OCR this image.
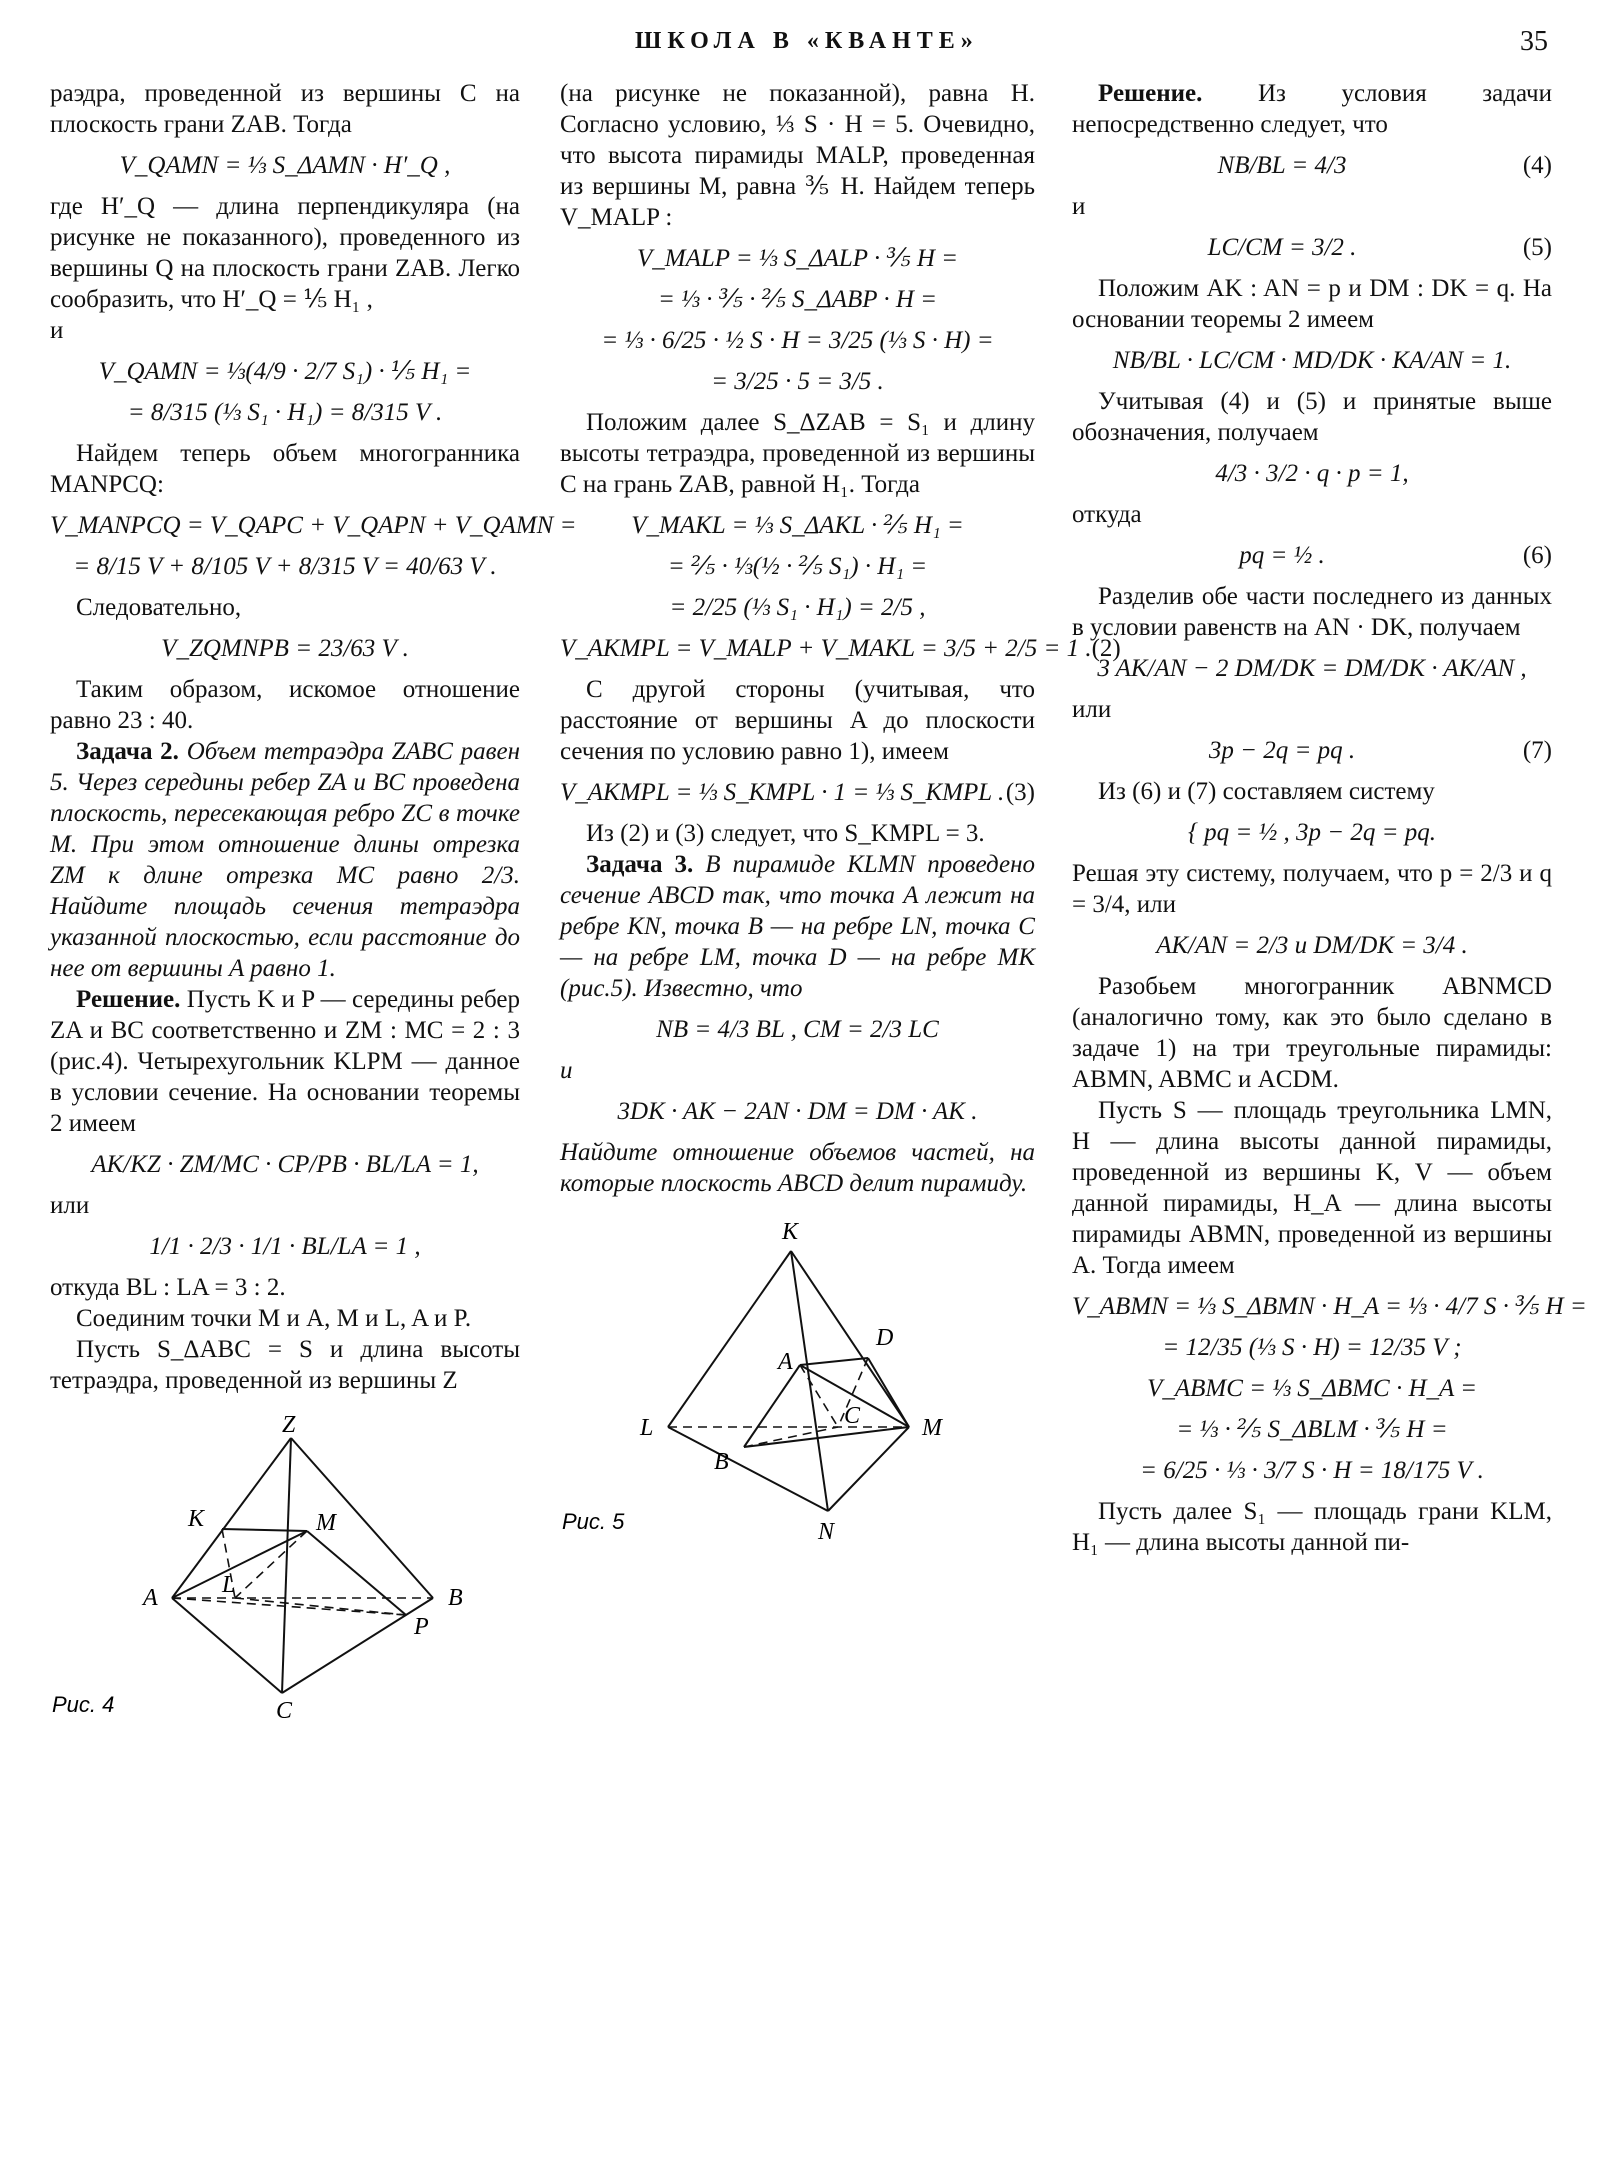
ШКОЛА В «КВАНТЕ»	35

раэдра, проведенной из вершины C на плоскость грани ZAB. Тогда

V_QAMN = ⅓ S_ΔAMN · H′_Q ,

где H′_Q — длина перпендикуляра (на рисунке не показанного), проведенного из вершины Q на плоскость грани ZAB. Легко сообразить, что H′_Q = ⅕ H₁ ,

и

V_QAMN = ⅓(4/9 · 2/7 S₁) · ⅕ H₁ =
= 8/315 (⅓ S₁ · H₁) = 8/315 V .

Найдем теперь объем многогранника MANPCQ:

V_MANPCQ = V_QAPC + V_QAPN + V_QAMN =
= 8/15 V + 8/105 V + 8/315 V = 40/63 V .

Следовательно,

V_ZQMNPB = 23/63 V .

Таким образом, искомое отношение равно 23 : 40.

Задача 2. Объем тетраэдра ZABC равен 5. Через середины ребер ZA и BC проведена плоскость, пересекающая ребро ZC в точке M. При этом отношение длины отрезка ZM к длине отрезка MC равно 2/3. Найдите площадь сечения тетраэдра указанной плоскостью, если расстояние до нее от вершины A равно 1.

Решение. Пусть K и P — середины ребер ZA и BC соответственно и ZM : MC = 2 : 3 (рис.4). Четырехугольник KLPM — данное в условии сечение. На основании теоремы 2 имеем

AK/KZ · ZM/MC · CP/PB · BL/LA = 1,

или

1/1 · 2/3 · 1/1 · BL/LA = 1 ,

откуда BL : LA = 3 : 2.

Соединим точки M и A, M и L, A и P.

Пусть S_ΔABC = S и длина высоты тетраэдра, проведенной из вершины Z

Z
K	M
A	L	B
P
C
Рис. 4

(на рисунке не показанной), равна H. Согласно условию, ⅓ S · H = 5. Очевидно, что высота пирамиды MALP, проведенная из вершины M, равна ⅗ H. Найдем теперь V_MALP :

V_MALP = ⅓ S_ΔALP · ⅗ H =
= ⅓ · ⅗ · ⅖ S_ΔABP · H =
= ⅓ · 6/25 · ½ S · H = 3/25 (⅓ S · H) =
= 3/25 · 5 = 3/5 .

Положим далее S_ΔZAB = S₁ и длину высоты тетраэдра, проведенной из вершины C на грань ZAB, равной H₁. Тогда

V_MAKL = ⅓ S_ΔAKL · ⅖ H₁ =
= ⅖ · ⅓(½ · ⅖ S₁) · H₁ =
= 2/25 (⅓ S₁ · H₁) = 2/5 ,
V_AKMPL = V_MALP + V_MAKL = 3/5 + 2/5 = 1 . (2)

С другой стороны (учитывая, что расстояние от вершины A до плоскости сечения по условию равно 1), имеем

V_AKMPL = ⅓ S_KMPL · 1 = ⅓ S_KMPL . (3)

Из (2) и (3) следует, что S_KMPL = 3.

Задача 3. В пирамиде KLMN проведено сечение ABCD так, что точка A лежит на ребре KN, точка B — на ребре LN, точка C — на ребре LM, точка D — на ребре MK (рис.5). Известно, что

NB = 4/3 BL , CM = 2/3 LC

и

3DK · AK − 2AN · DM = DM · AK .

Найдите отношение объемов частей, на которые плоскость ABCD делит пирамиду.

K
D
A
L	C	M
B
N
Рис. 5

Решение. Из условия задачи непосредственно следует, что

NB/BL = 4/3	(4)

и

LC/CM = 3/2 .	(5)

Положим AK : AN = p и DM : DK = q. На основании теоремы 2 имеем

NB/BL · LC/CM · MD/DK · KA/AN = 1.

Учитывая (4) и (5) и принятые выше обозначения, получаем

4/3 · 3/2 · q · p = 1,

откуда

pq = ½ .	(6)

Разделив обе части последнего из данных в условии равенств на AN · DK, получаем

3 AK/AN − 2 DM/DK = DM/DK · AK/AN ,

или

3p − 2q = pq .	(7)

Из (6) и (7) составляем систему

{ pq = ½ , 3p − 2q = pq.

Решая эту систему, получаем, что p = 2/3 и q = 3/4, или

AK/AN = 2/3 и DM/DK = 3/4 .

Разобьем многогранник ABNMCD (аналогично тому, как это было сделано в задаче 1) на три треугольные пирамиды: ABMN, ABMC и ACDM.

Пусть S — площадь треугольника LMN, H — длина высоты данной пирамиды, проведенной из вершины K, V — объем данной пирамиды, H_A — длина высоты пирамиды ABMN, проведенной из вершины A. Тогда имеем

V_ABMN = ⅓ S_ΔBMN · H_A = ⅓ · 4/7 S · ⅗ H =
= 12/35 (⅓ S · H) = 12/35 V ;
V_ABMC = ⅓ S_ΔBMC · H_A =
= ⅓ · ⅖ S_ΔBLM · ⅗ H =
= 6/25 · ⅓ · 3/7 S · H = 18/175 V .

Пусть далее S₁ — площадь грани KLM, H₁ — длина высоты данной пи-
